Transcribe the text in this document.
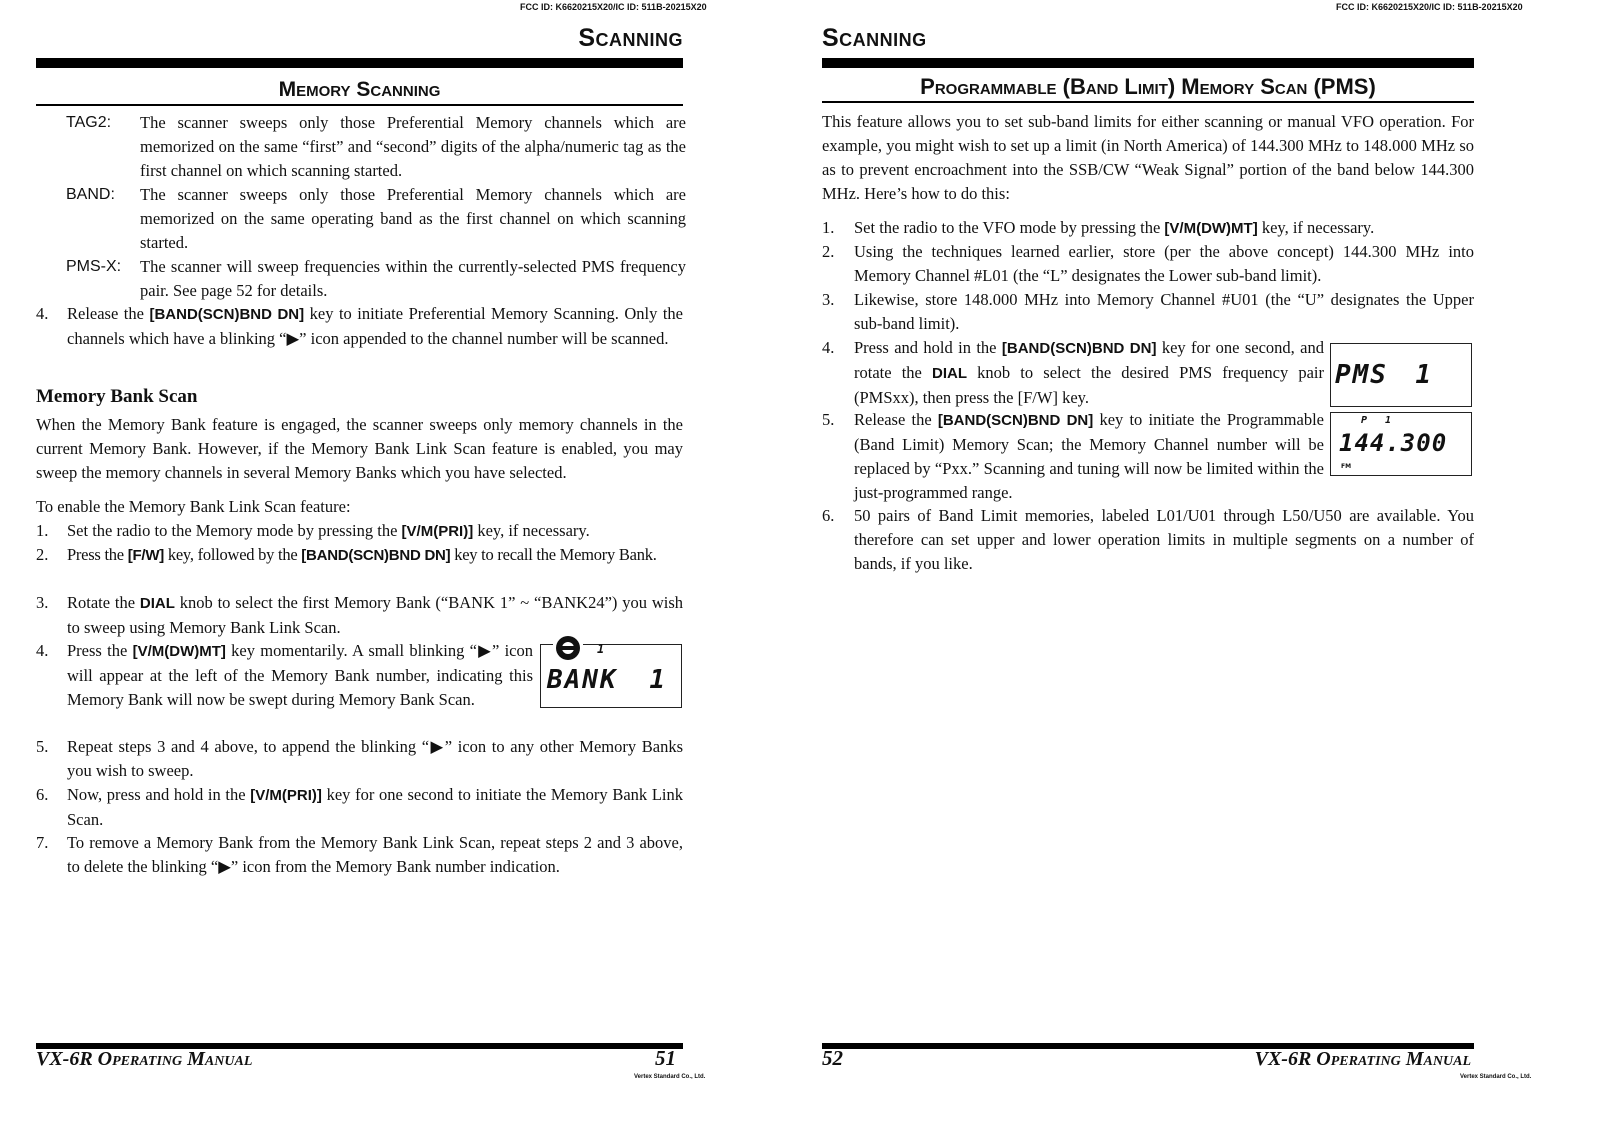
FCC ID: K6620215X20/IC ID: 511B-20215X20
Scanning
Memory Scanning
TAG2: The scanner sweeps only those Preferential Memory channels which are memorized on the same “first” and “second” digits of the alpha/numeric tag as the first channel on which scanning started.
BAND: The scanner sweeps only those Preferential Memory channels which are memorized on the same operating band as the first channel on which scanning started.
PMS-X: The scanner will sweep frequencies within the currently-selected PMS frequency pair. See page 52 for details.
4. Release the [BAND(SCN)BND DN] key to initiate Preferential Memory Scanning. Only the channels which have a blinking “▶” icon appended to the channel number will be scanned.
Memory Bank Scan
When the Memory Bank feature is engaged, the scanner sweeps only memory channels in the current Memory Bank. However, if the Memory Bank Link Scan feature is enabled, you may sweep the memory channels in several Memory Banks which you have selected.
To enable the Memory Bank Link Scan feature:
1. Set the radio to the Memory mode by pressing the [V/M(PRI)] key, if necessary.
2. Press the [F/W] key, followed by the [BAND(SCN)BND DN] key to recall the Memory Bank.
3. Rotate the DIAL knob to select the first Memory Bank (“BANK 1” ~ “BANK24”) you wish to sweep using Memory Bank Link Scan.
4. Press the [V/M(DW)MT] key momentarily. A small blinking “▶” icon will appear at the left of the Memory Bank number, indicating this Memory Bank will now be swept during Memory Bank Scan.
1
BANK 1
5. Repeat steps 3 and 4 above, to append the blinking “▶” icon to any other Memory Banks you wish to sweep.
6. Now, press and hold in the [V/M(PRI)] key for one second to initiate the Memory Bank Link Scan.
7. To remove a Memory Bank from the Memory Bank Link Scan, repeat steps 2 and 3 above, to delete the blinking “▶” icon from the Memory Bank number indication.
VX-6R Operating Manual	51
Vertex Standard Co., Ltd.
FCC ID: K6620215X20/IC ID: 511B-20215X20
Scanning
Programmable (Band Limit) Memory Scan (PMS)
This feature allows you to set sub-band limits for either scanning or manual VFO operation. For example, you might wish to set up a limit (in North America) of 144.300 MHz to 148.000 MHz so as to prevent encroachment into the SSB/CW “Weak Signal” portion of the band below 144.300 MHz. Here’s how to do this:
1. Set the radio to the VFO mode by pressing the [V/M(DW)MT] key, if necessary.
2. Using the techniques learned earlier, store (per the above concept) 144.300 MHz into Memory Channel #L01 (the “L” designates the Lower sub-band limit).
3. Likewise, store 148.000 MHz into Memory Channel #U01 (the “U” designates the Upper sub-band limit).
4. Press and hold in the [BAND(SCN)BND DN] key for one second, and rotate the DIAL knob to select the desired PMS frequency pair (PMSxx), then press the [F/W] key.
5. Release the [BAND(SCN)BND DN] key to initiate the Programmable (Band Limit) Memory Scan; the Memory Channel number will be replaced by “Pxx.” Scanning and tuning will now be limited within the just-programmed range.
6. 50 pairs of Band Limit memories, labeled L01/U01 through L50/U50 are available. You therefore can set upper and lower operation limits in multiple segments on a number of bands, if you like.
PMS 1
P 1
144.300
FM
52	VX-6R Operating Manual
Vertex Standard Co., Ltd.
